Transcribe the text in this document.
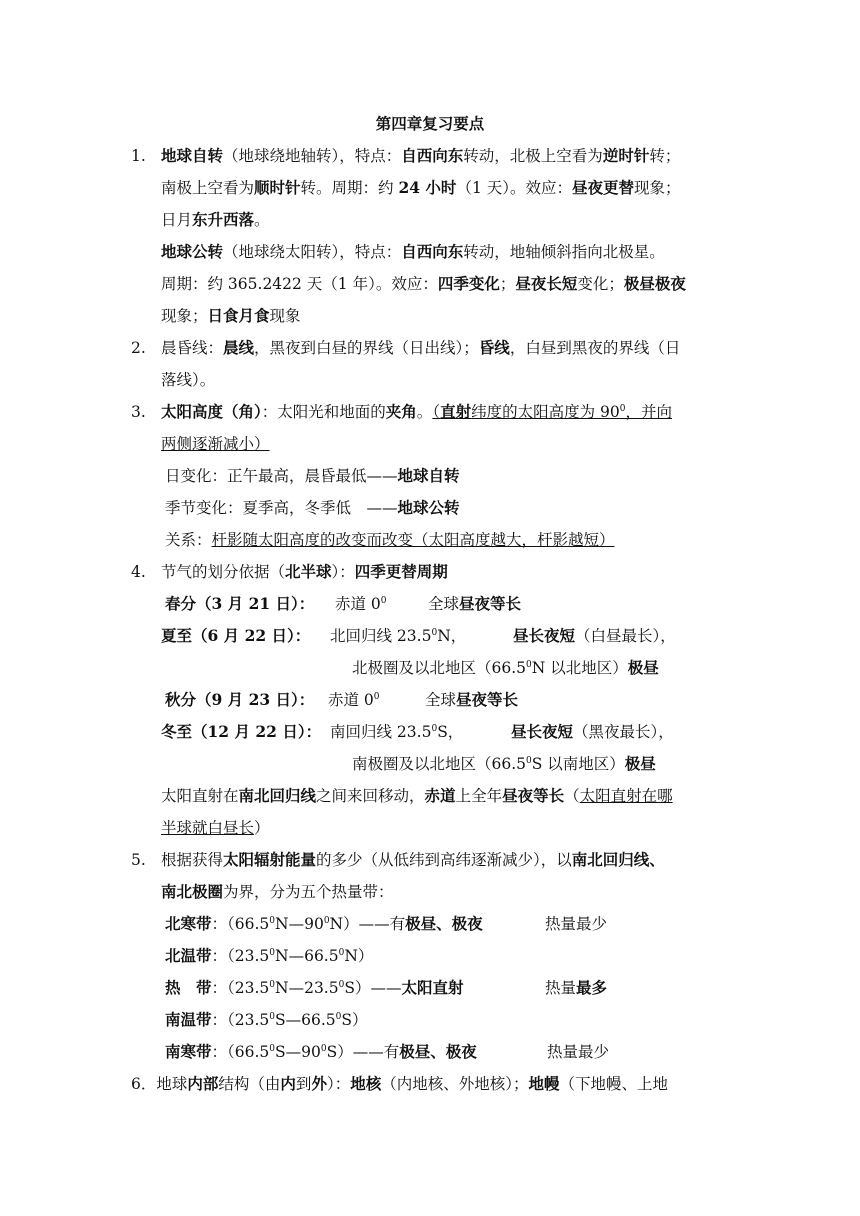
第四章复习要点
1. 地球自转（地球绕地轴转），特点：自西向东转动，北极上空看为逆时针转；
南极上空看为顺时针转。周期：约 24 小时（1 天）。效应：昼夜更替现象；
日月东升西落。
地球公转（地球绕太阳转），特点：自西向东转动，地轴倾斜指向北极星。
周期：约 365.2422 天（1 年）。效应：四季变化；昼夜长短变化；极昼极夜
现象；日食月食现象
2. 晨昏线：晨线，黑夜到白昼的界线（日出线）；昏线，白昼到黑夜的界线（日
落线）。
3. 太阳高度（角）：太阳光和地面的夹角。（直射纬度的太阳高度为 $90^0$，并向
两侧逐渐减小）
日变化：正午最高，晨昏最低——地球自转
季节变化：夏季高，冬季低　——地球公转
关系：杆影随太阳高度的改变而改变（太阳高度越大，杆影越短）
4. 节气的划分依据（北半球）：四季更替周期
春分（3 月 21 日）： 赤道 $0^0$	全球昼夜等长
夏至（6 月 22 日）： 北回归线 23.5$^0$N，	昼长夜短（白昼最长），
北极圈及以北地区（66.5$^0$N 以北地区）极昼
秋分（9 月 23 日）： 赤道 $0^0$	全球昼夜等长
冬至（12 月 22 日）： 南回归线 23.5$^0$S，	昼长夜短（黑夜最长），
南极圈及以北地区（66.5$^0$S 以南地区）极昼
太阳直射在南北回归线之间来回移动，赤道上全年昼夜等长（太阳直射在哪
半球就白昼长）
5. 根据获得太阳辐射能量的多少（从低纬到高纬逐渐减少），以南北回归线、
南北极圈为界，分为五个热量带：
北寒带：$(66.5^0N—90^0N)——$有极昼、极夜	热量最少
北温带：（23.5$^0$N—66.5$^0$N）
热　带：（23.5$^0$N—23.5$^0$S）——太阳直射	热量最多
南温带：（23.5$^0$S—66.5$^0$S）
南寒带：$(66.5^0S—90^0S)——$有极昼、极夜	热量最少
6．地球内部结构（由内到外）：地核（内地核、外地核）；地幔（下地幔、上地
